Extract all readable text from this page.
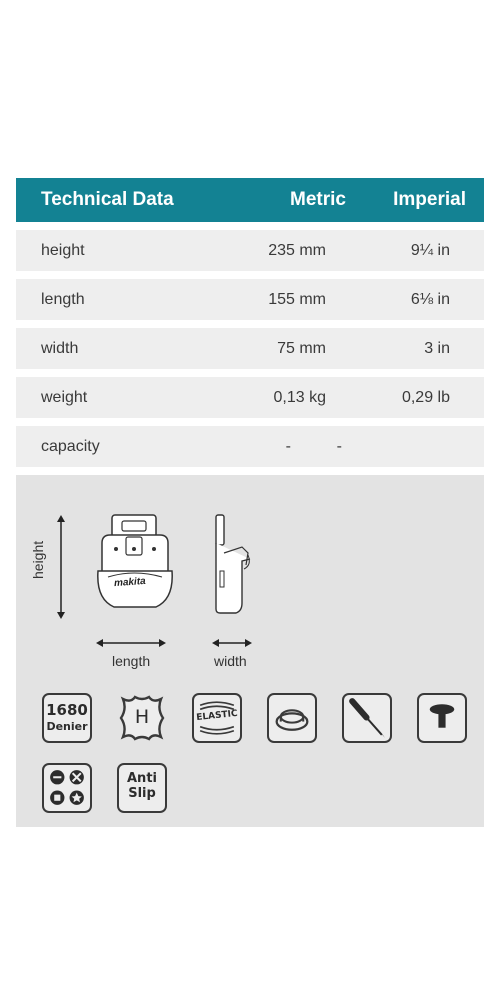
Technical Data	Metric	Imperial
height	235 mm	9¼ in
length	155 mm	6⅛ in
width	75 mm	3 in
weight	0,13 kg	0,29 lb
capacity	-	-
height
makita
length	width
1680
Denier	H	ELASTIC
Anti
Slip
